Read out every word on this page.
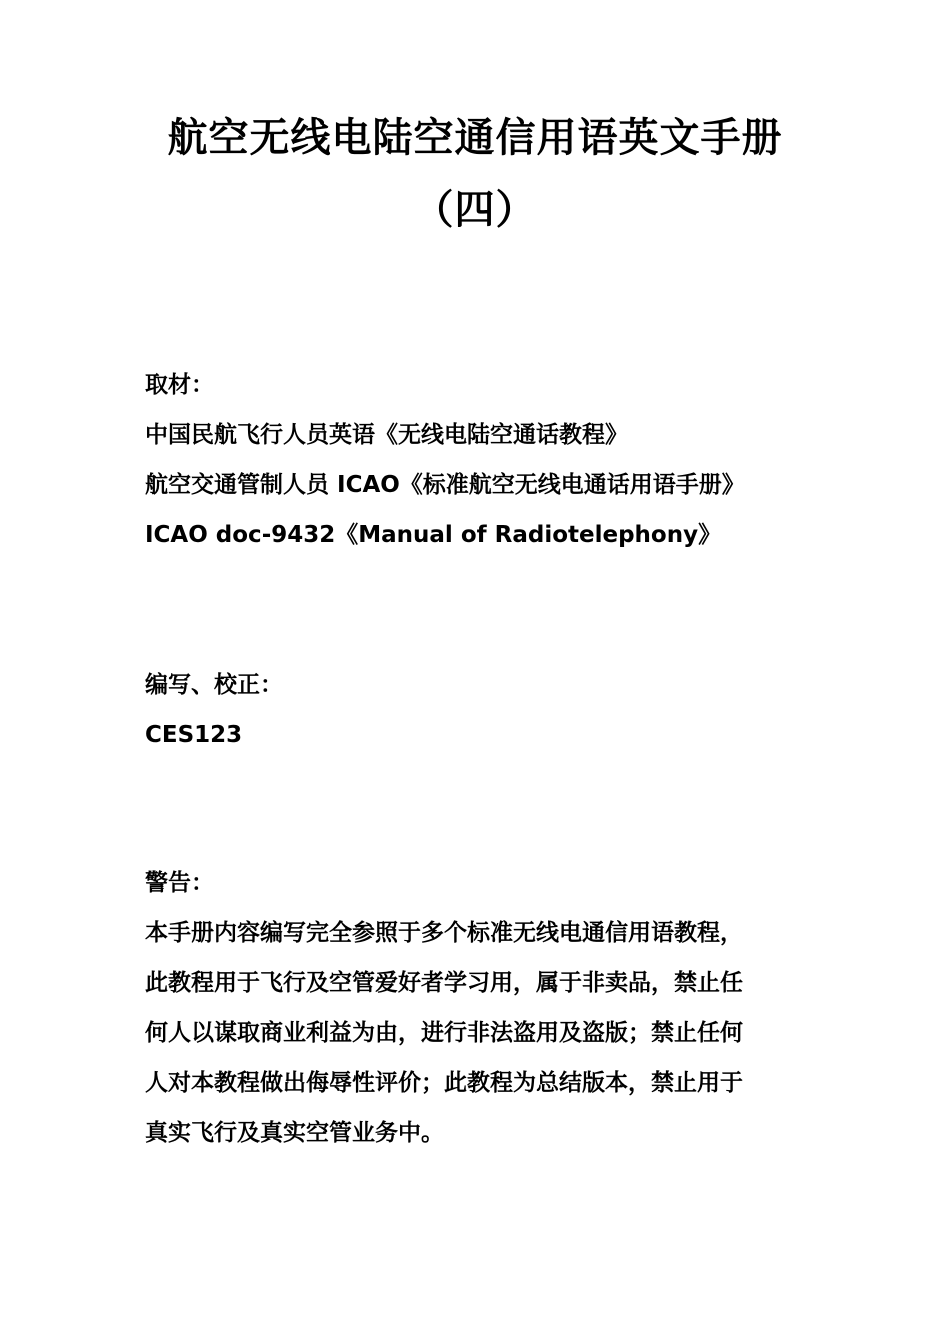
航空无线电陆空通信用语英文手册
（四）
取材：
中国民航飞行人员英语《无线电陆空通话教程》
航空交通管制人员 ICAO《标准航空无线电通话用语手册》
ICAO doc-9432《Manual of Radiotelephony》
编写、校正：
CES123
警告：
本手册内容编写完全参照于多个标准无线电通信用语教程，
此教程用于飞行及空管爱好者学习用，属于非卖品，禁止任
何人以谋取商业利益为由，进行非法盗用及盗版；禁止任何
人对本教程做出侮辱性评价；此教程为总结版本，禁止用于
真实飞行及真实空管业务中。
